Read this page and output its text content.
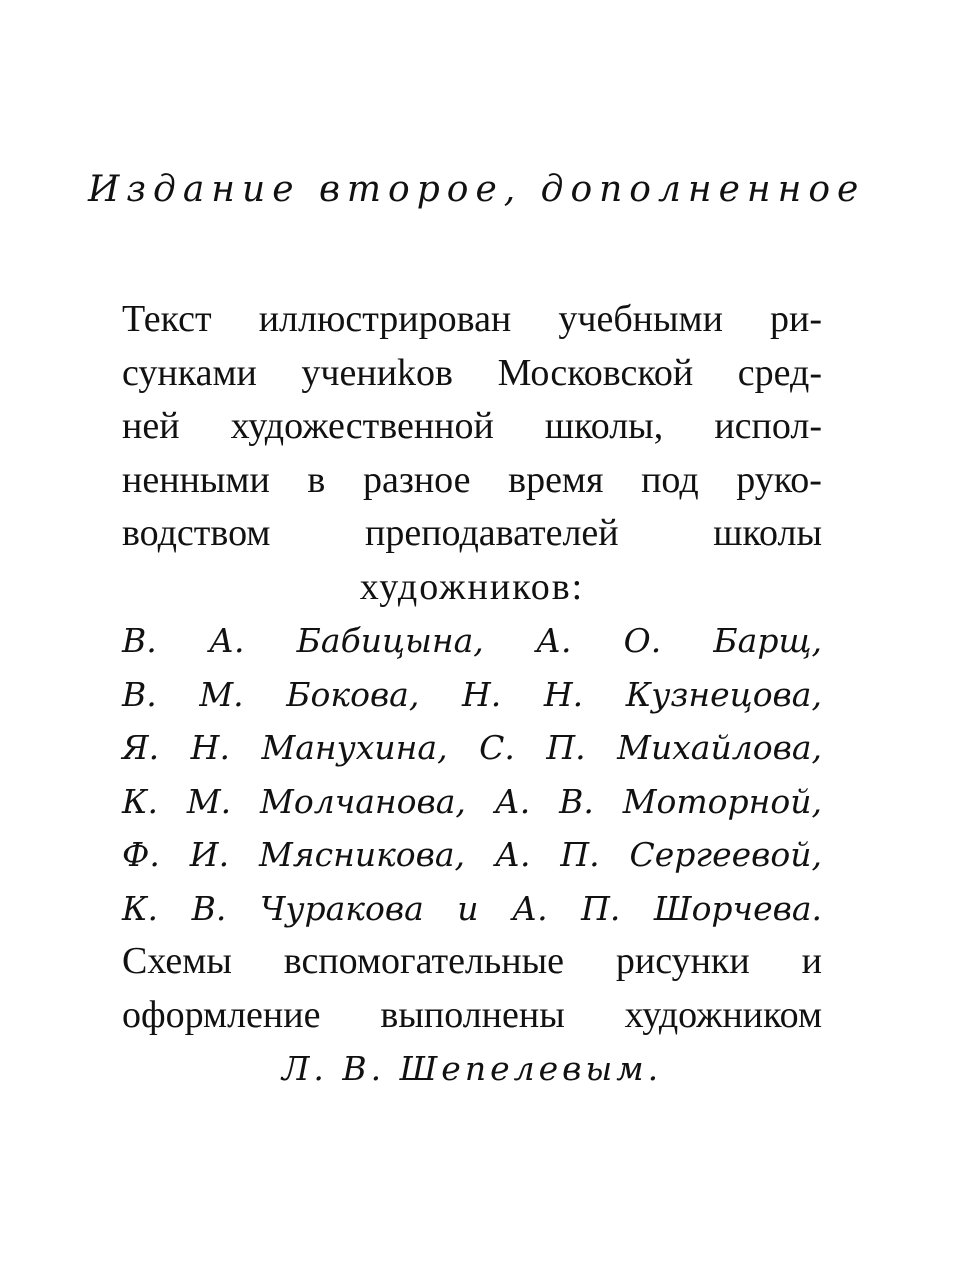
Издание второе, дополненное
Текст иллюстрирован учебными ри-
сунками учениkов Московской сред-
ней художественной школы, испол-
ненными в разное время под руко-
водством преподавателей школы
художников:
В. А. Бабицына, А. О. Барщ,
В. М. Бокова, Н. Н. Кузнецова,
Я. Н. Манухина, С. П. Михайлова,
К. М. Молчанова, А. В. Моторной,
Ф. И. Мясникова, А. П. Сергеевой,
К. В. Чуракова и А. П. Шорчева.
Схемы вспомогательные рисунки и
оформление выполнены художником
Л. В. Шепелевым.
